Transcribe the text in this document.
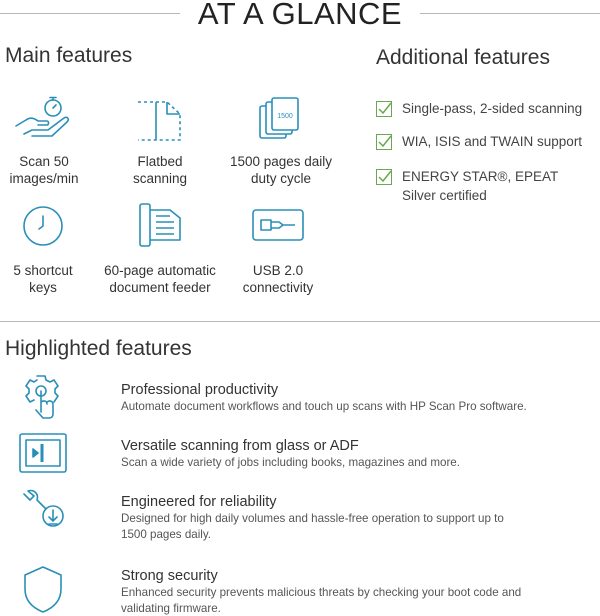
AT A GLANCE
Main features
1500
Scan 50 images/min
Flatbed scanning
1500 pages daily duty cycle
5 shortcut keys
60-page automatic document feeder
USB 2.0 connectivity
Additional features
Single-pass, 2-sided scanning
WIA, ISIS and TWAIN support
ENERGY STAR®, EPEAT Silver certified
Highlighted features
Professional productivity
Automate document workflows and touch up scans with HP Scan Pro software.
Versatile scanning from glass or ADF
Scan a wide variety of jobs including books, magazines and more.
Engineered for reliability
Designed for high daily volumes and hassle-free operation to support up to 1500 pages daily.
Strong security
Enhanced security prevents malicious threats by checking your boot code and validating firmware.
